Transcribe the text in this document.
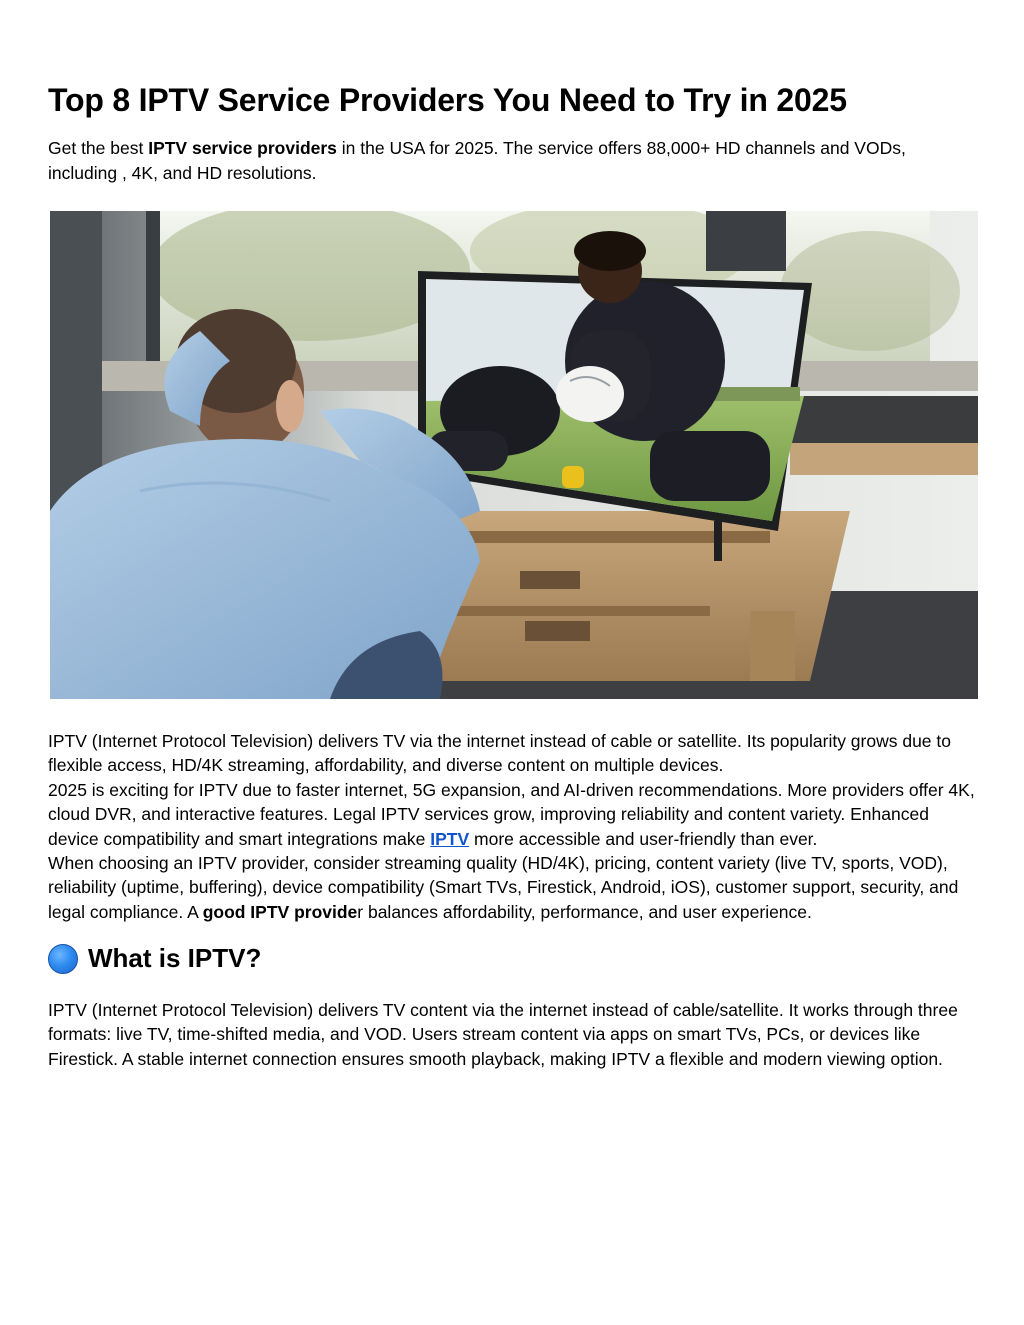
Top 8 IPTV Service Providers You Need to Try in 2025

Get the best IPTV service providers in the USA for 2025. The service offers 88,000+ HD channels and VODs, including , 4K, and HD resolutions.

IPTV (Internet Protocol Television) delivers TV via the internet instead of cable or satellite. Its popularity grows due to flexible access, HD/4K streaming, affordability, and diverse content on multiple devices.

2025 is exciting for IPTV due to faster internet, 5G expansion, and AI-driven recommendations. More providers offer 4K, cloud DVR, and interactive features. Legal IPTV services grow, improving reliability and content variety. Enhanced device compatibility and smart integrations make IPTV more accessible and user-friendly than ever.

When choosing an IPTV provider, consider streaming quality (HD/4K), pricing, content variety (live TV, sports, VOD), reliability (uptime, buffering), device compatibility (Smart TVs, Firestick, Android, iOS), customer support, security, and legal compliance. A good IPTV provider balances affordability, performance, and user experience.

What is IPTV?

IPTV (Internet Protocol Television) delivers TV content via the internet instead of cable/satellite. It works through three formats: live TV, time-shifted media, and VOD. Users stream content via apps on smart TVs, PCs, or devices like Firestick. A stable internet connection ensures smooth playback, making IPTV a flexible and modern viewing option.
